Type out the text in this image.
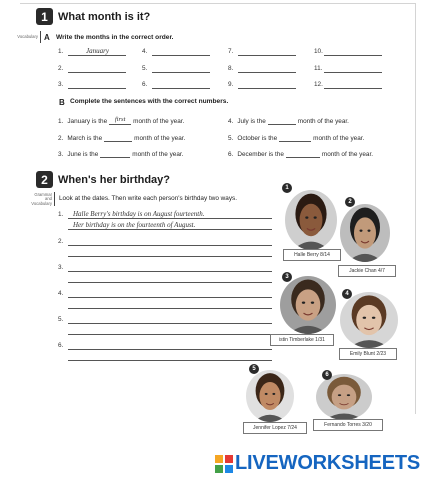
1 What month is it?
Vocabulary A Write the months in the correct order.
1.	January
2.
3.
4.
5.
6.
7.
8.
9.
10.
11.
12.
B Complete the sentences with the correct numbers.
1. January is the	first	month of the year.
2. March is the	month of the year.
3. June is the	month of the year.
4. July is the	month of the year.
5. October is the	month of the year.
6. December is the	month of the year.
2 When's her birthday?
Grammar
and
Vocabulary
Look at the dates. Then write each person's birthday two ways.
1. Halle Berry's birthday is on August fourteenth.
Her birthday is on the fourteenth of August.
2.
3.
4.
5.
6.
1
Halle Berry 8/14
2
Jackie Chan 4/7
3
istin Timberlake 1/31
4
Emily Blunt 2/23
5
Jennifer Lopez 7/24
6
Fernando Torres 3/20
LIVEWORKSHEETS
